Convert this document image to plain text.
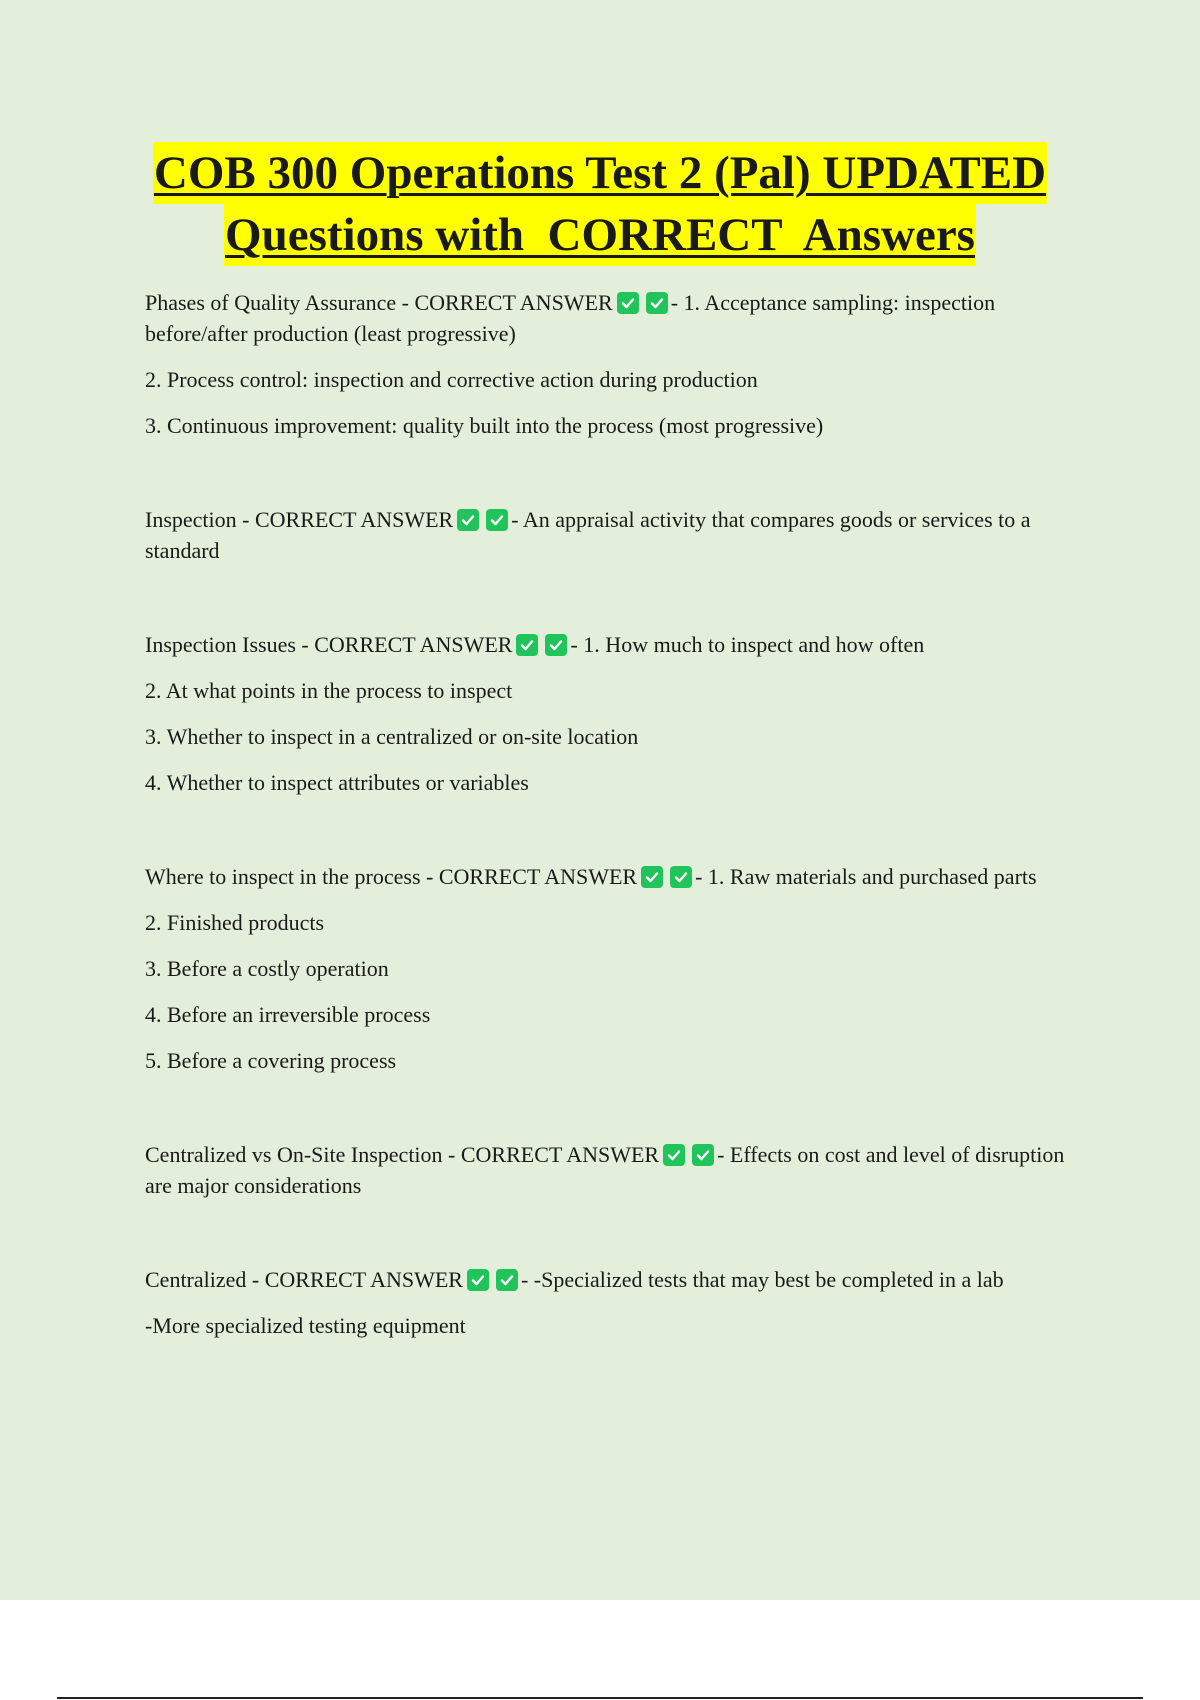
COB 300 Operations Test 2 (Pal) UPDATED
Questions with  CORRECT  Answers

Phases of Quality Assurance - CORRECT ANSWER	- 1. Acceptance sampling: inspection before/after production (least progressive)

2. Process control: inspection and corrective action during production

3. Continuous improvement: quality built into the process (most progressive)

Inspection - CORRECT ANSWER	- An appraisal activity that compares goods or services to a standard

Inspection Issues - CORRECT ANSWER	- 1. How much to inspect and how often

2. At what points in the process to inspect

3. Whether to inspect in a centralized or on-site location

4. Whether to inspect attributes or variables

Where to inspect in the process - CORRECT ANSWER	- 1. Raw materials and purchased parts

2. Finished products

3. Before a costly operation

4. Before an irreversible process

5. Before a covering process

Centralized vs On-Site Inspection - CORRECT ANSWER	- Effects on cost and level of disruption are major considerations

Centralized - CORRECT ANSWER	- -Specialized tests that may best be completed in a lab

-More specialized testing equipment
